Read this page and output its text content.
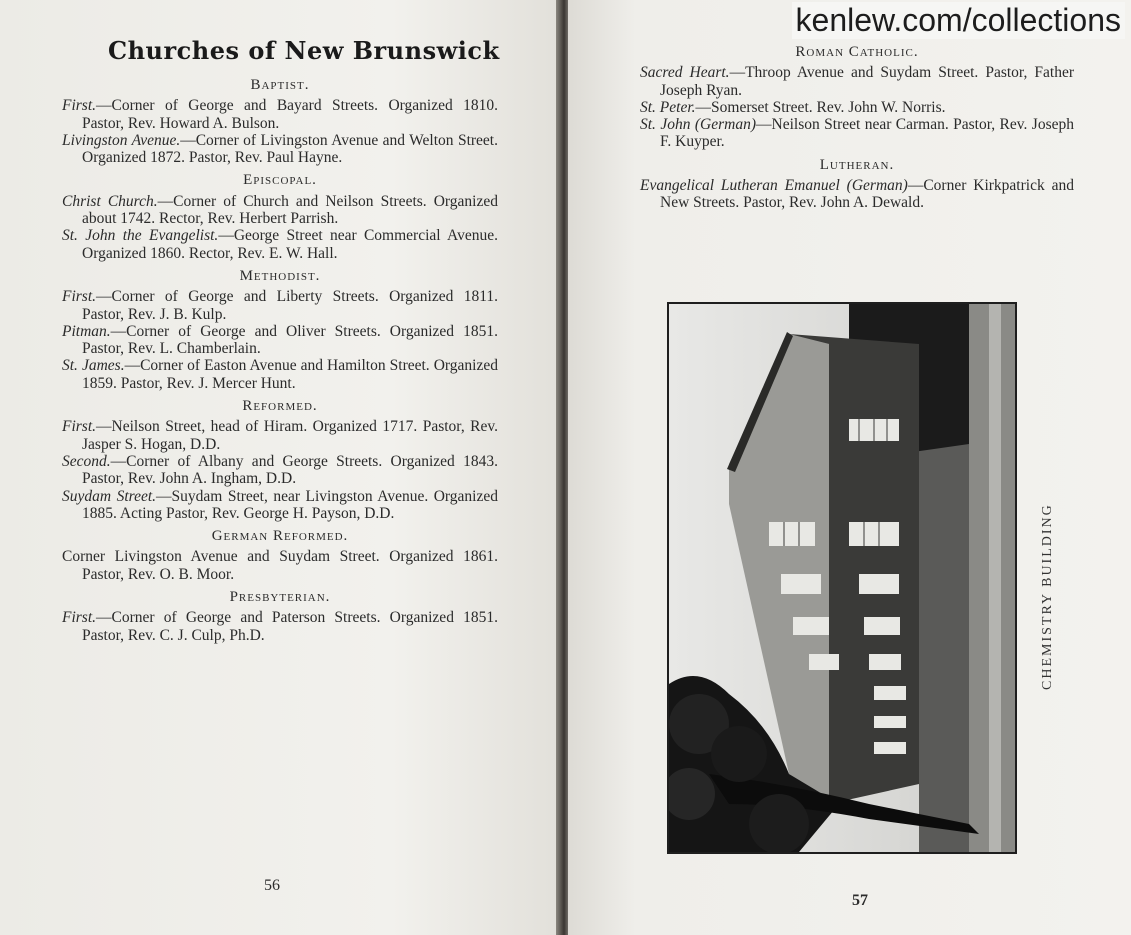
Churches of New Brunswick
Baptist.

First.—Corner of George and Bayard Streets. Organized 1810. Pastor, Rev. Howard A. Bulson.

Livingston Avenue.—Corner of Livingston Avenue and Welton Street. Organized 1872. Pastor, Rev. Paul Hayne.

Episcopal.

Christ Church.—Corner of Church and Neilson Streets. Organized about 1742. Rector, Rev. Herbert Parrish.

St. John the Evangelist.—George Street near Commercial Avenue. Organized 1860. Rector, Rev. E. W. Hall.

Methodist.

First.—Corner of George and Liberty Streets. Organized 1811. Pastor, Rev. J. B. Kulp.

Pitman.—Corner of George and Oliver Streets. Organized 1851. Pastor, Rev. L. Chamberlain.

St. James.—Corner of Easton Avenue and Hamilton Street. Organized 1859. Pastor, Rev. J. Mercer Hunt.

Reformed.

First.—Neilson Street, head of Hiram. Organized 1717. Pastor, Rev. Jasper S. Hogan, D.D.

Second.—Corner of Albany and George Streets. Organized 1843. Pastor, Rev. John A. Ingham, D.D.

Suydam Street.—Suydam Street, near Livingston Avenue. Organized 1885. Acting Pastor, Rev. George H. Payson, D.D.

German Reformed.

Corner Livingston Avenue and Suydam Street. Organized 1861. Pastor, Rev. O. B. Moor.

Presbyterian.

First.—Corner of George and Paterson Streets. Organized 1851. Pastor, Rev. C. J. Culp, Ph.D.

56
57
Roman Catholic.

Sacred Heart.—Throop Avenue and Suydam Street. Pastor, Father Joseph Ryan.

St. Peter.—Somerset Street. Rev. John W. Norris.

St. John (German)—Neilson Street near Carman. Pastor, Rev. Joseph F. Kuyper.

Lutheran.

Evangelical Lutheran Emanuel (German)—Corner Kirkpatrick and New Streets. Pastor, Rev. John A. Dewald.

CHEMISTRY BUILDING
kenlew.com/collections
